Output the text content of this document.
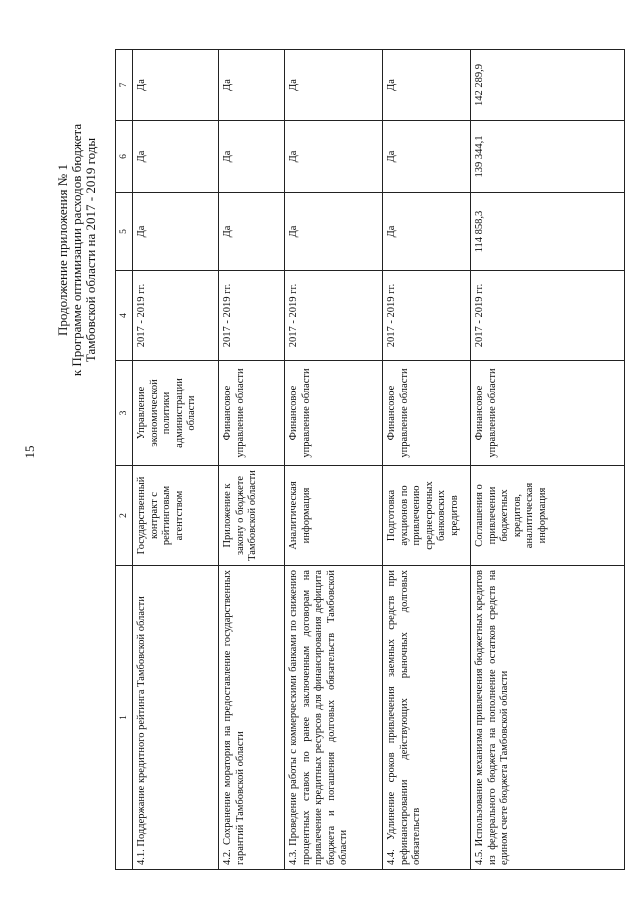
15
Продолжение приложения № 1 к Программе оптимизации расходов бюджета Тамбовской области на 2017 - 2019 годы
1	2	3	4	5	6	7
4.1. Поддержание кредитного рейтинга Тамбовской области	Государственный контракт с рейтинговым агентством	Управление экономической политики администрации области	2017 - 2019 гг.	Да	Да	Да
4.2. Сохранение моратория на предоставление государственных гарантий Тамбовской области	Приложение к закону о бюджете Тамбовской области	Финансовое управление области	2017 - 2019 гг.	Да	Да	Да
4.3. Проведение работы с коммерческими банками по снижению процентных ставок по ранее заключенным договорам на привлечение кредитных ресурсов для финансирования дефицита бюджета и погашения долговых обязательств Тамбовской области	Аналитическая информация	Финансовое управление области	2017 - 2019 гг.	Да	Да	Да
4.4. Удлинение сроков привлечения заемных средств при рефинансировании действующих рыночных долговых обязательств	Подготовка аукционов по привлечению среднесрочных банковских кредитов	Финансовое управление области	2017 - 2019 гг.	Да	Да	Да
4.5. Использование механизма привлечения бюджетных кредитов из федерального бюджета на пополнение остатков средств на едином счете бюджета Тамбовской области	Соглашения о привлечении бюджетных кредитов, аналитическая информация	Финансовое управление области	2017 - 2019 гг.	114 858,3	139 344,1	142 289,9
